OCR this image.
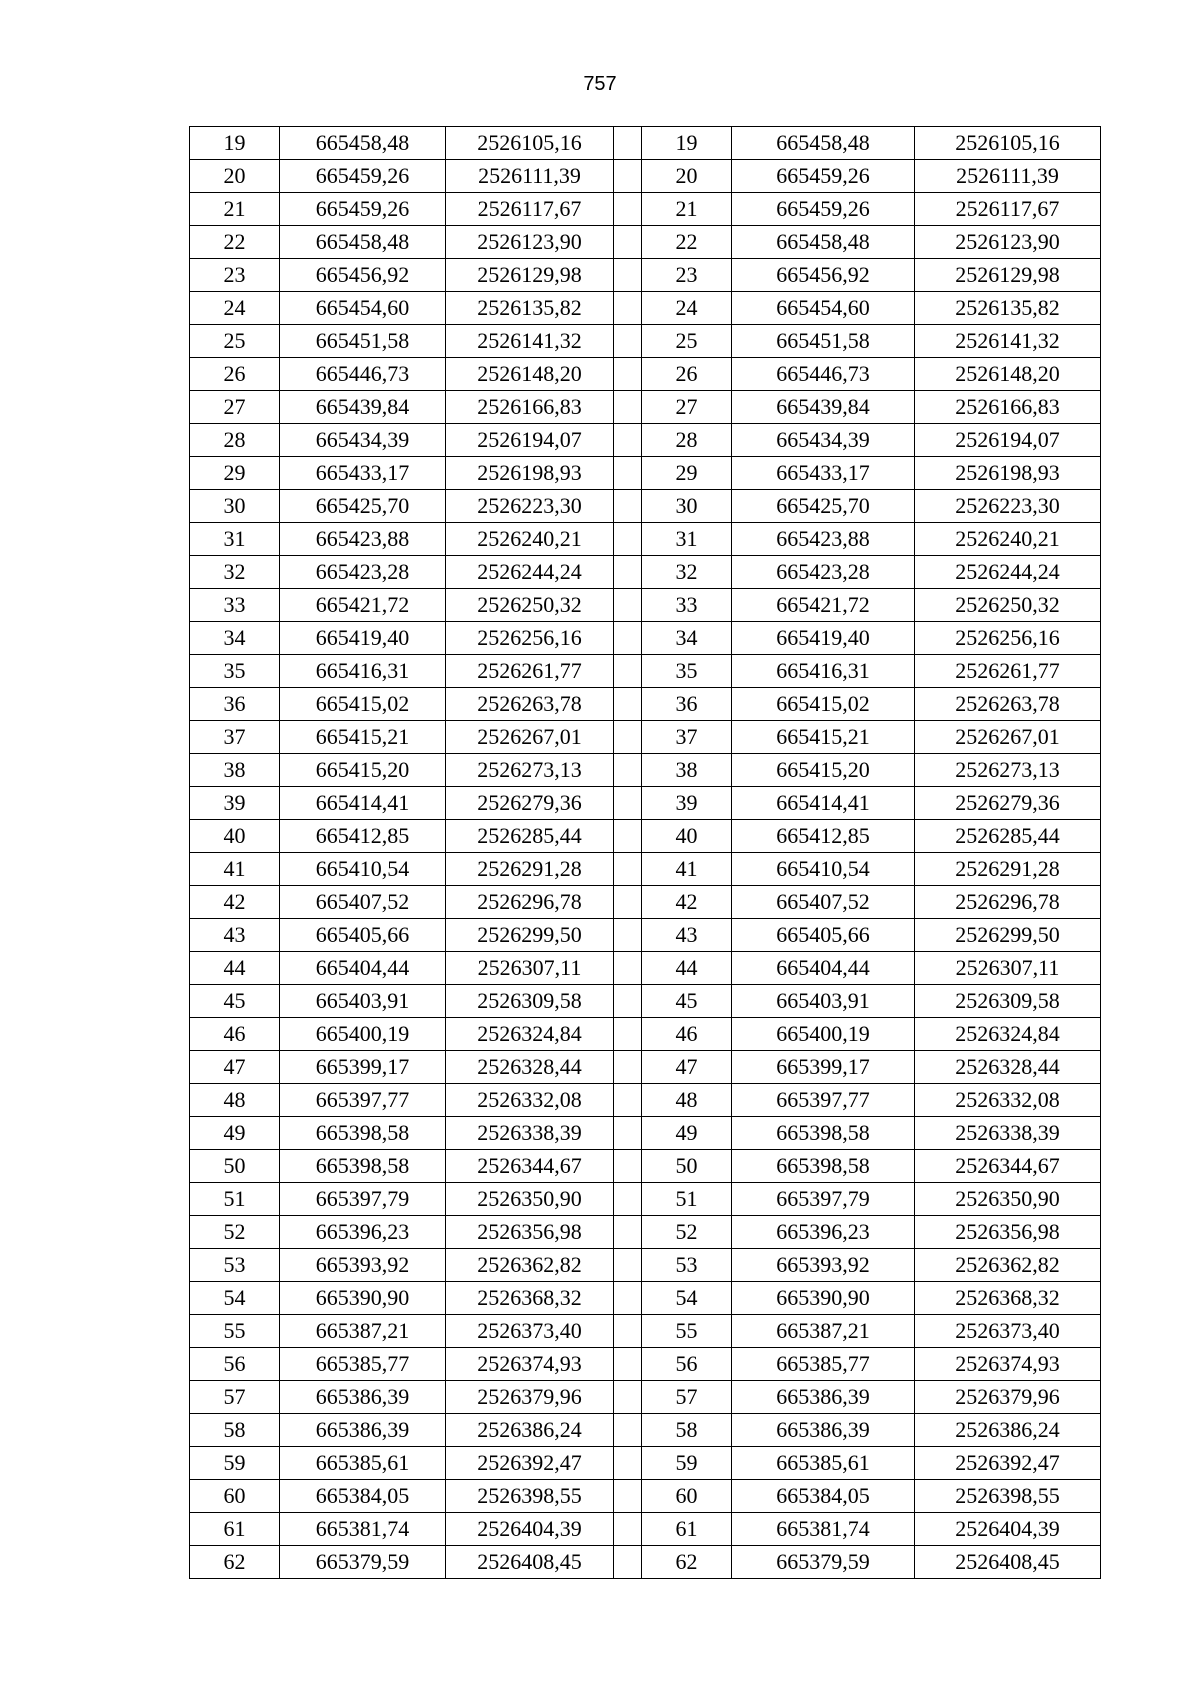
757
19	665458,48	2526105,16		19	665458,48	2526105,16
20	665459,26	2526111,39		20	665459,26	2526111,39
21	665459,26	2526117,67		21	665459,26	2526117,67
22	665458,48	2526123,90		22	665458,48	2526123,90
23	665456,92	2526129,98		23	665456,92	2526129,98
24	665454,60	2526135,82		24	665454,60	2526135,82
25	665451,58	2526141,32		25	665451,58	2526141,32
26	665446,73	2526148,20		26	665446,73	2526148,20
27	665439,84	2526166,83		27	665439,84	2526166,83
28	665434,39	2526194,07		28	665434,39	2526194,07
29	665433,17	2526198,93		29	665433,17	2526198,93
30	665425,70	2526223,30		30	665425,70	2526223,30
31	665423,88	2526240,21		31	665423,88	2526240,21
32	665423,28	2526244,24		32	665423,28	2526244,24
33	665421,72	2526250,32		33	665421,72	2526250,32
34	665419,40	2526256,16		34	665419,40	2526256,16
35	665416,31	2526261,77		35	665416,31	2526261,77
36	665415,02	2526263,78		36	665415,02	2526263,78
37	665415,21	2526267,01		37	665415,21	2526267,01
38	665415,20	2526273,13		38	665415,20	2526273,13
39	665414,41	2526279,36		39	665414,41	2526279,36
40	665412,85	2526285,44		40	665412,85	2526285,44
41	665410,54	2526291,28		41	665410,54	2526291,28
42	665407,52	2526296,78		42	665407,52	2526296,78
43	665405,66	2526299,50		43	665405,66	2526299,50
44	665404,44	2526307,11		44	665404,44	2526307,11
45	665403,91	2526309,58		45	665403,91	2526309,58
46	665400,19	2526324,84		46	665400,19	2526324,84
47	665399,17	2526328,44		47	665399,17	2526328,44
48	665397,77	2526332,08		48	665397,77	2526332,08
49	665398,58	2526338,39		49	665398,58	2526338,39
50	665398,58	2526344,67		50	665398,58	2526344,67
51	665397,79	2526350,90		51	665397,79	2526350,90
52	665396,23	2526356,98		52	665396,23	2526356,98
53	665393,92	2526362,82		53	665393,92	2526362,82
54	665390,90	2526368,32		54	665390,90	2526368,32
55	665387,21	2526373,40		55	665387,21	2526373,40
56	665385,77	2526374,93		56	665385,77	2526374,93
57	665386,39	2526379,96		57	665386,39	2526379,96
58	665386,39	2526386,24		58	665386,39	2526386,24
59	665385,61	2526392,47		59	665385,61	2526392,47
60	665384,05	2526398,55		60	665384,05	2526398,55
61	665381,74	2526404,39		61	665381,74	2526404,39
62	665379,59	2526408,45		62	665379,59	2526408,45
